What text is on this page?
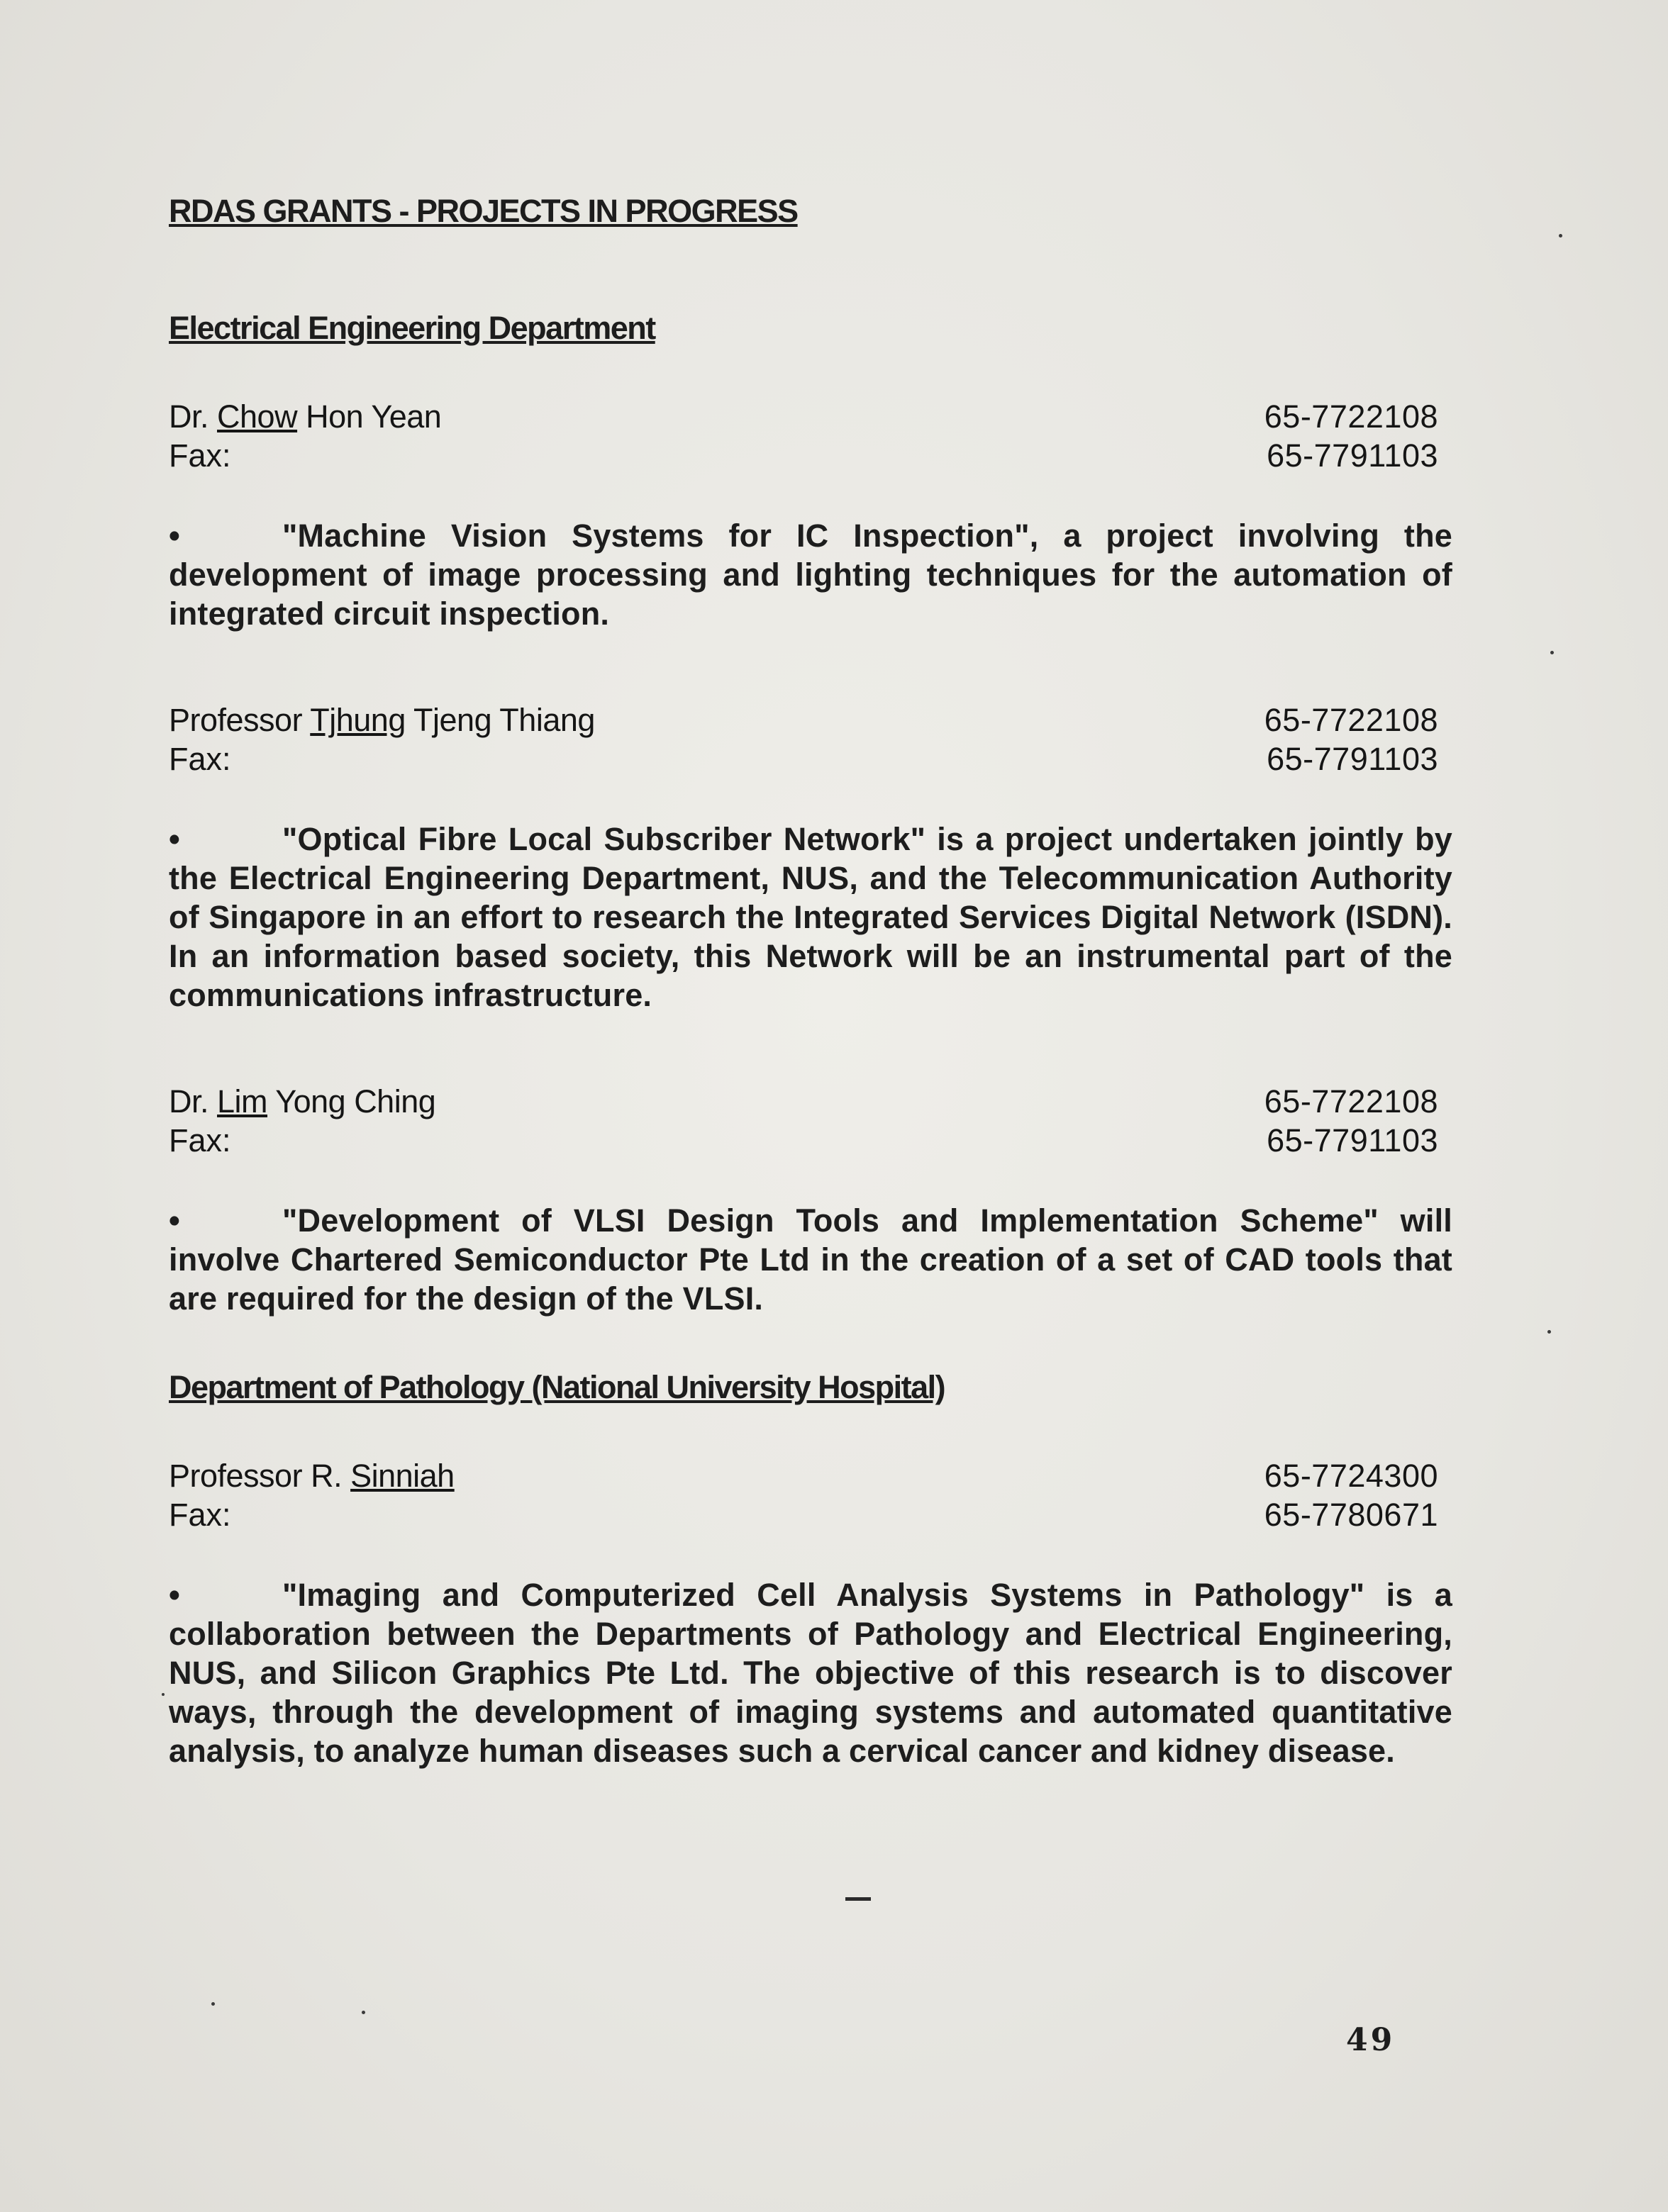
RDAS GRANTS - PROJECTS IN PROGRESS
Electrical Engineering Department
Dr. Chow Hon Yean	65-7722108
Fax:	65-7791103
•	"Machine Vision Systems for IC Inspection", a project involving the development of image processing and lighting techniques for the automation of integrated circuit inspection.
Professor Tjhung Tjeng Thiang	65-7722108
Fax:	65-7791103
•	"Optical Fibre Local Subscriber Network" is a project undertaken jointly by the Electrical Engineering Department, NUS, and the Telecommunication Authority of Singapore in an effort to research the Integrated Services Digital Network (ISDN). In an information based society, this Network will be an instrumental part of the communications infrastructure.
Dr. Lim Yong Ching	65-7722108
Fax:	65-7791103
•	"Development of VLSI Design Tools and Implementation Scheme" will involve Chartered Semiconductor Pte Ltd in the creation of a set of CAD tools that are required for the design of the VLSI.
Department of Pathology (National University Hospital)
Professor R. Sinniah	65-7724300
Fax:	65-7780671
•	"Imaging and Computerized Cell Analysis Systems in Pathology" is a collaboration between the Departments of Pathology and Electrical Engineering, NUS, and Silicon Graphics Pte Ltd. The objective of this research is to discover ways, through the development of imaging systems and automated quantitative analysis, to analyze human diseases such a cervical cancer and kidney disease.
49
